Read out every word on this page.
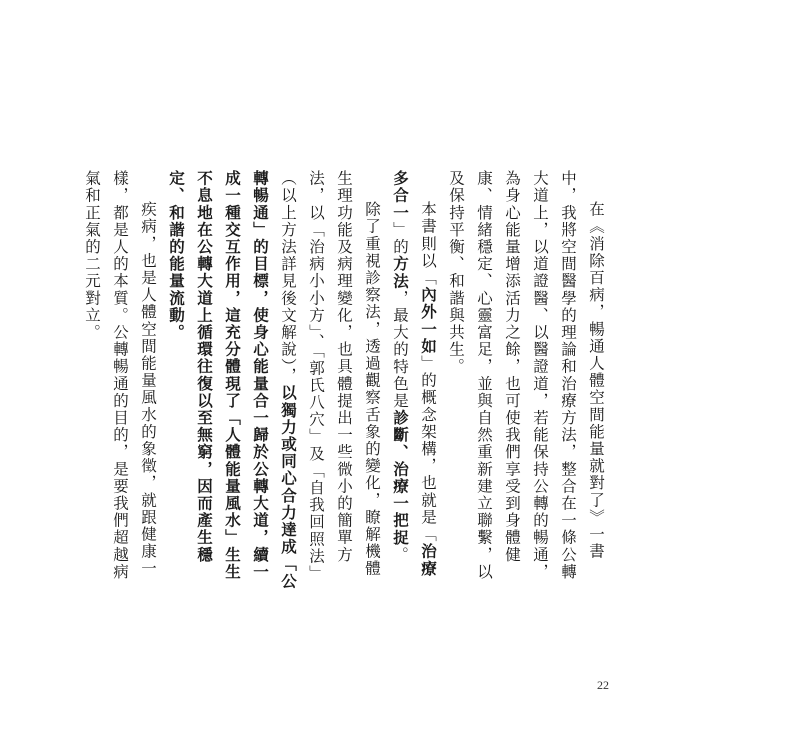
在《消除百病，暢通人體空間能量就對了》一書中，我將空間醫學的理論和治療方法，整合在一條公轉大道上，以道證醫、以醫證道，若能保持公轉的暢通，為身心能量增添活力之餘，也可使我們享受到身體健康、情緒穩定、心靈富足，並與自然重新建立聯繫，以及保持平衡、和諧與共生。

本書則以「內外一如」的概念架構，也就是「治療多合一」的方法，最大的特色是診斷、治療一把捉。

除了重視診察法，透過觀察舌象的變化，瞭解機體生理功能及病理變化，也具體提出一些微小的簡單方法，以「治病小小方」、「郭氏八穴」及「自我回照法」（以上方法詳見後文解說），以獨力或同心合力達成「公轉暢通」的目標，使身心能量合一歸於公轉大道，續一成一種交互作用，這充分體現了「人體能量風水」生生不息地在公轉大道上循環往復以至無窮，因而產生穩定、和諧的能量流動。

疾病，也是人體空間能量風水的象徵，就跟健康一樣，都是人的本質。公轉暢通的目的，是要我們超越病氣和正氣的二元對立。

22
